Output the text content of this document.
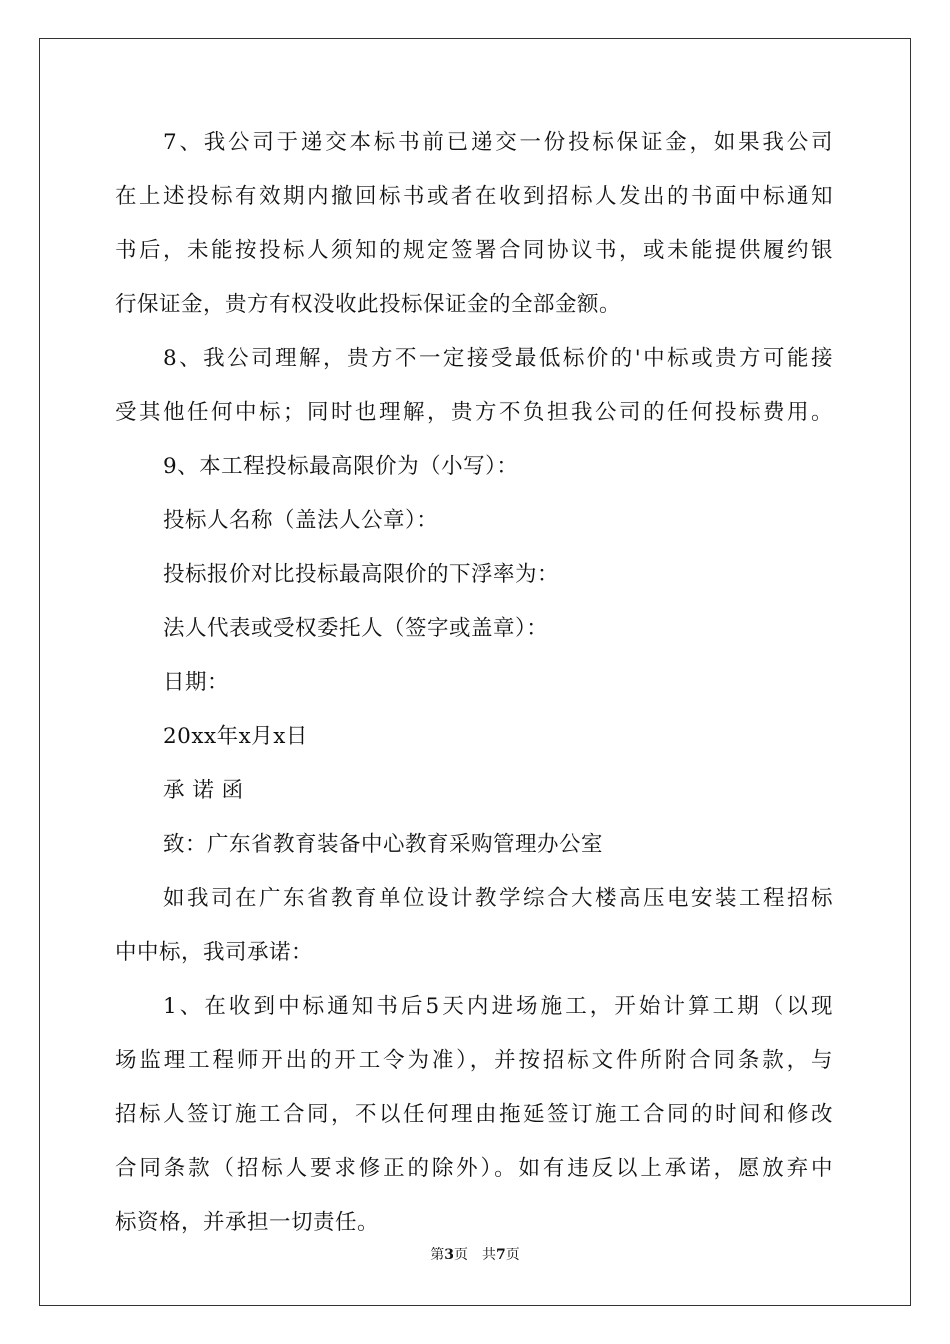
7、我公司于递交本标书前已递交一份投标保证金，如果我公司
在上述投标有效期内撤回标书或者在收到招标人发出的书面中标通知
书后，未能按投标人须知的规定签署合同协议书，或未能提供履约银
行保证金，贵方有权没收此投标保证金的全部金额。
8、我公司理解，贵方不一定接受最低标价的'中标或贵方可能接
受其他任何中标；同时也理解，贵方不负担我公司的任何投标费用。
9、本工程投标最高限价为（小写）：
投标人名称（盖法人公章）：
投标报价对比投标最高限价的下浮率为：
法人代表或受权委托人（签字或盖章）：
日期：
20xx年x月x日
承 诺 函
致：广东省教育装备中心教育采购管理办公室
如我司在广东省教育单位设计教学综合大楼高压电安装工程招标
中中标，我司承诺：
1、在收到中标通知书后5天内进场施工，开始计算工期（以现
场监理工程师开出的开工令为准），并按招标文件所附合同条款，与
招标人签订施工合同，不以任何理由拖延签订施工合同的时间和修改
合同条款（招标人要求修正的除外）。如有违反以上承诺，愿放弃中
标资格，并承担一切责任。
第3页　共7页
